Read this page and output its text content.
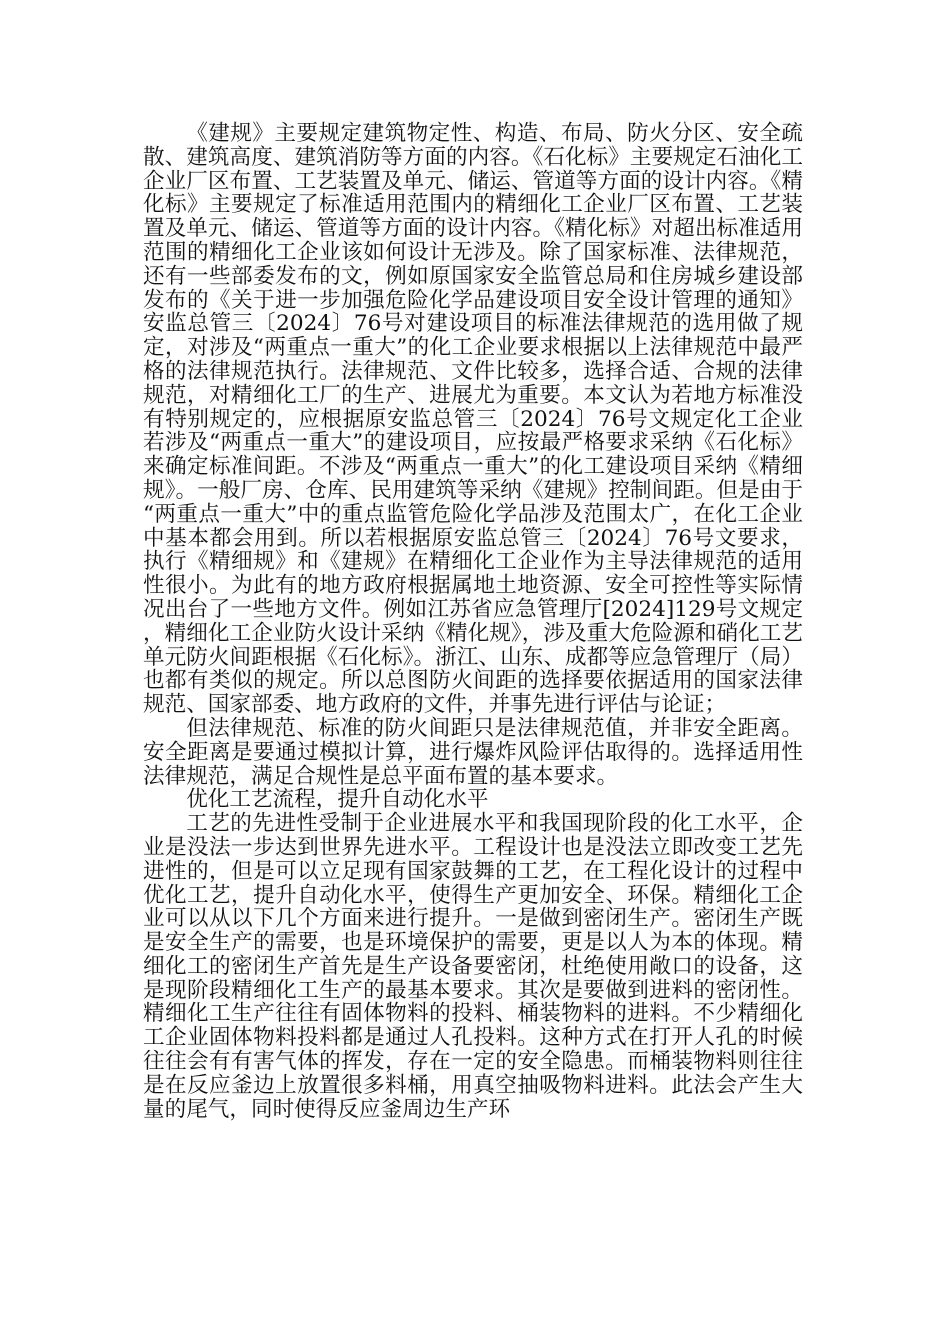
《建规》主要规定建筑物定性、构造、布局、防火分区、安全疏散、建筑高度、建筑消防等方面的内容。《石化标》主要规定石油化工企业厂区布置、工艺装置及单元、储运、管道等方面的设计内容。《精化标》主要规定了标准适用范围内的精细化工企业厂区布置、工艺装置及单元、储运、管道等方面的设计内容。《精化标》对超出标准适用范围的精细化工企业该如何设计无涉及。除了国家标准、法律规范，还有一些部委发布的文，例如原国家安全监管总局和住房城乡建设部发布的《关于进一步加强危险化学品建设项目安全设计管理的通知》安监总管三〔2024〕76号对建设项目的标准法律规范的选用做了规定，对涉及“两重点一重大”的化工企业要求根据以上法律规范中最严格的法律规范执行。法律规范、文件比较多，选择合适、合规的法律规范，对精细化工厂的生产、进展尤为重要。本文认为若地方标准没有特别规定的，应根据原安监总管三〔2024〕76号文规定化工企业若涉及“两重点一重大”的建设项目，应按最严格要求采纳《石化标》来确定标准间距。不涉及“两重点一重大”的化工建设项目采纳《精细规》。一般厂房、仓库、民用建筑等采纳《建规》控制间距。但是由于“两重点一重大”中的重点监管危险化学品涉及范围太广，在化工企业中基本都会用到。所以若根据原安监总管三〔2024〕76号文要求，执行《精细规》和《建规》在精细化工企业作为主导法律规范的适用性很小。为此有的地方政府根据属地土地资源、安全可控性等实际情况出台了一些地方文件。例如江苏省应急管理厅[2024]129号文规定，精细化工企业防火设计采纳《精化规》，涉及重大危险源和硝化工艺单元防火间距根据《石化标》。浙江、山东、成都等应急管理厅（局）也都有类似的规定。所以总图防火间距的选择要依据适用的国家法律规范、国家部委、地方政府的文件，并事先进行评估与论证；

但法律规范、标准的防火间距只是法律规范值，并非安全距离。安全距离是要通过模拟计算，进行爆炸风险评估取得的。选择适用性法律规范，满足合规性是总平面布置的基本要求。

优化工艺流程，提升自动化水平

工艺的先进性受制于企业进展水平和我国现阶段的化工水平，企业是没法一步达到世界先进水平。工程设计也是没法立即改变工艺先进性的，但是可以立足现有国家鼓舞的工艺，在工程化设计的过程中优化工艺，提升自动化水平，使得生产更加安全、环保。精细化工企业可以从以下几个方面来进行提升。一是做到密闭生产。密闭生产既是安全生产的需要，也是环境保护的需要，更是以人为本的体现。精细化工的密闭生产首先是生产设备要密闭，杜绝使用敞口的设备，这是现阶段精细化工生产的最基本要求。其次是要做到进料的密闭性。精细化工生产往往有固体物料的投料、桶装物料的进料。不少精细化工企业固体物料投料都是通过人孔投料。这种方式在打开人孔的时候往往会有有害气体的挥发，存在一定的安全隐患。而桶装物料则往往是在反应釜边上放置很多料桶，用真空抽吸物料进料。此法会产生大量的尾气，同时使得反应釜周边生产环
